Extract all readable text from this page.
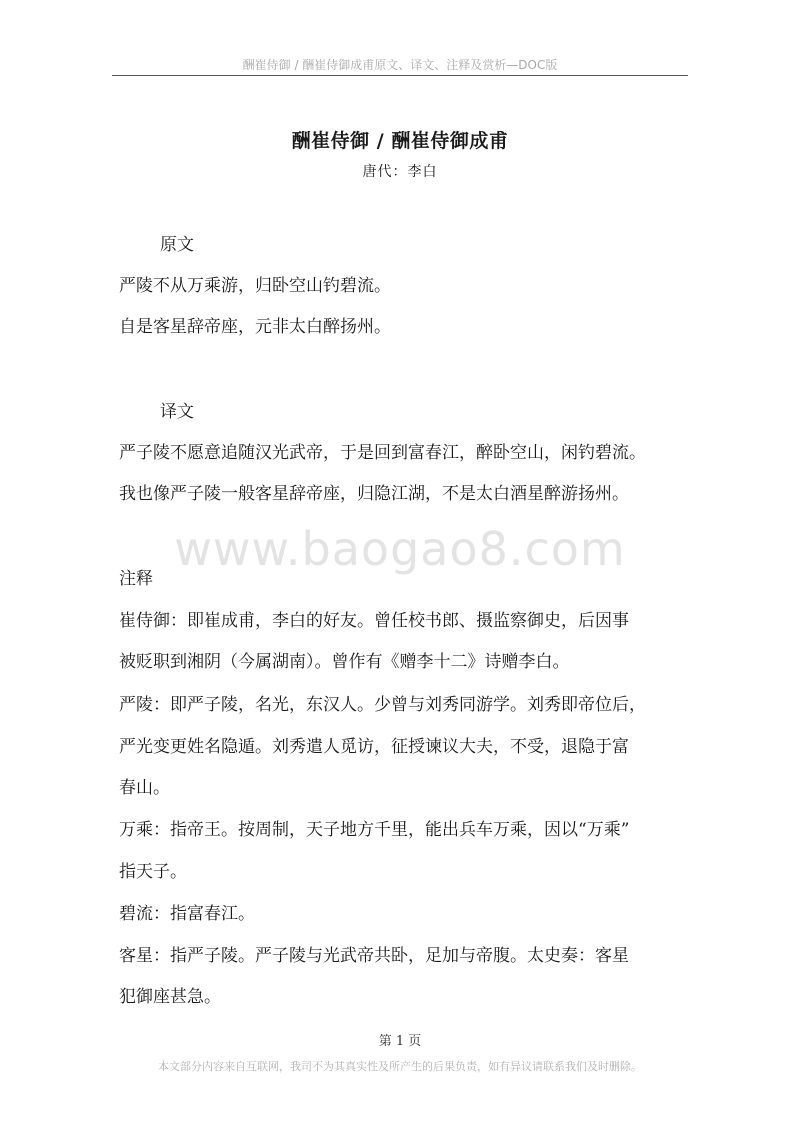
酬崔侍御 / 酬崔侍御成甫原文、译文、注释及赏析—DOC版
酬崔侍御 / 酬崔侍御成甫
唐代：李白
原文
严陵不从万乘游，归卧空山钓碧流。
自是客星辞帝座，元非太白醉扬州。
译文
严子陵不愿意追随汉光武帝，于是回到富春江，醉卧空山，闲钓碧流。
我也像严子陵一般客星辞帝座，归隐江湖，不是太白酒星醉游扬州。
www.baogao8.com
注释
崔侍御：即崔成甫，李白的好友。曾任校书郎、摄监察御史，后因事
被贬职到湘阴（今属湖南）。曾作有《赠李十二》诗赠李白。
严陵：即严子陵，名光，东汉人。少曾与刘秀同游学。刘秀即帝位后，
严光变更姓名隐遁。刘秀遣人觅访，征授谏议大夫，不受，退隐于富
春山。
万乘：指帝王。按周制，天子地方千里，能出兵车万乘，因以“万乘”
指天子。
碧流：指富春江。
客星：指严子陵。严子陵与光武帝共卧，足加与帝腹。太史奏：客星
犯御座甚急。
第 1 页
本文部分内容来自互联网，我司不为其真实性及所产生的后果负责，如有异议请联系我们及时删除。
